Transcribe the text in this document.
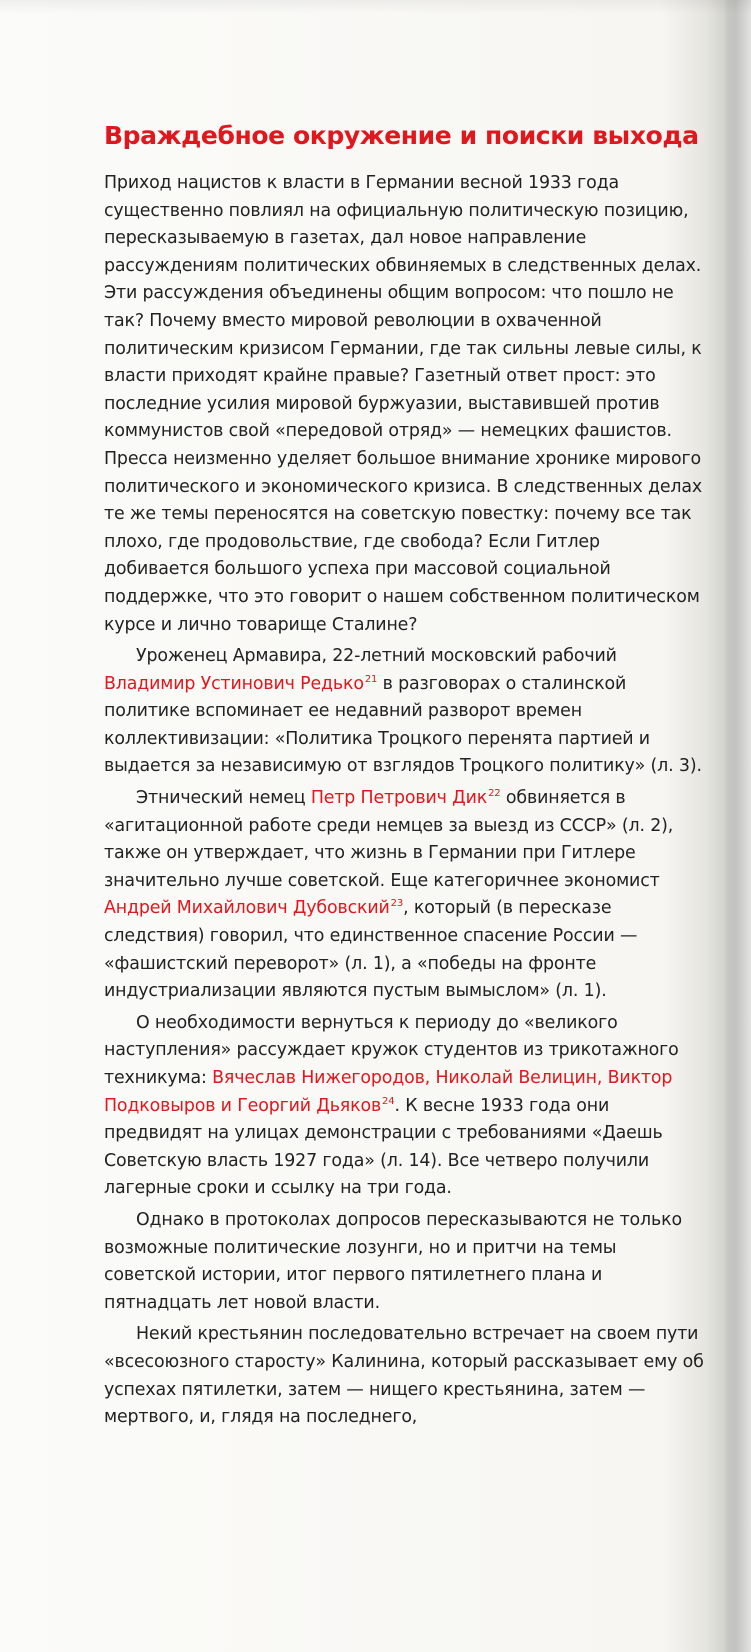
Враждебное окружение и поиски выхода

Приход нацистов к власти в Германии весной 1933 года существенно повлиял на официальную политическую позицию, пересказываемую в газетах, дал новое направление рассуждениям политических обвиняемых в следственных делах. Эти рассуждения объединены общим вопросом: что пошло не так? Почему вместо мировой революции в охваченной политическим кризисом Германии, где так сильны левые силы, к власти приходят крайне правые? Газетный ответ прост: это последние усилия мировой буржуазии, выставившей против коммунистов свой «передовой отряд» — немецких фашистов. Пресса неизменно уделяет большое внимание хронике мирового политического и экономического кризиса. В следственных делах те же темы переносятся на советскую повестку: почему все так плохо, где продовольствие, где свобода? Если Гитлер добивается большого успеха при массовой социальной поддержке, что это говорит о нашем собственном политическом курсе и лично товарище Сталине?

Уроженец Армавира, 22-летний московский рабочий Владимир Устинович Редько$^{21}$ в разговорах о сталинской политике вспоминает ее недавний разворот времен коллективизации: «Политика Троцкого перенята партией и выдается за независимую от взглядов Троцкого политику» (л. 3).

Этнический немец Петр Петрович Дик$^{22}$ обвиняется в «агитационной работе среди немцев за выезд из СССР» (л. 2), также он утверждает, что жизнь в Германии при Гитлере значительно лучше советской. Еще категоричнее экономист Андрей Михайлович Дубовский$^{23}$, который (в пересказе следствия) говорил, что единственное спасение России — «фашистский переворот» (л. 1), а «победы на фронте индустриализации являются пустым вымыслом» (л. 1).

О необходимости вернуться к периоду до «великого наступления» рассуждает кружок студентов из трикотажного техникума: Вячеслав Нижегородов, Николай Велицин, Виктор Подковыров и Георгий Дьяков$^{24}$. К весне 1933 года они предвидят на улицах демонстрации с требованиями «Даешь Советскую власть 1927 года» (л. 14). Все четверо получили лагерные сроки и ссылку на три года.

Однако в протоколах допросов пересказываются не только возможные политические лозунги, но и притчи на темы советской истории, итог первого пятилетнего плана и пятнадцать лет новой власти.

Некий крестьянин последовательно встречает на своем пути «всесоюзного старосту» Калинина, который рассказывает ему об успехах пятилетки, затем — нищего крестьянина, затем — мертвого, и, глядя на последнего,
